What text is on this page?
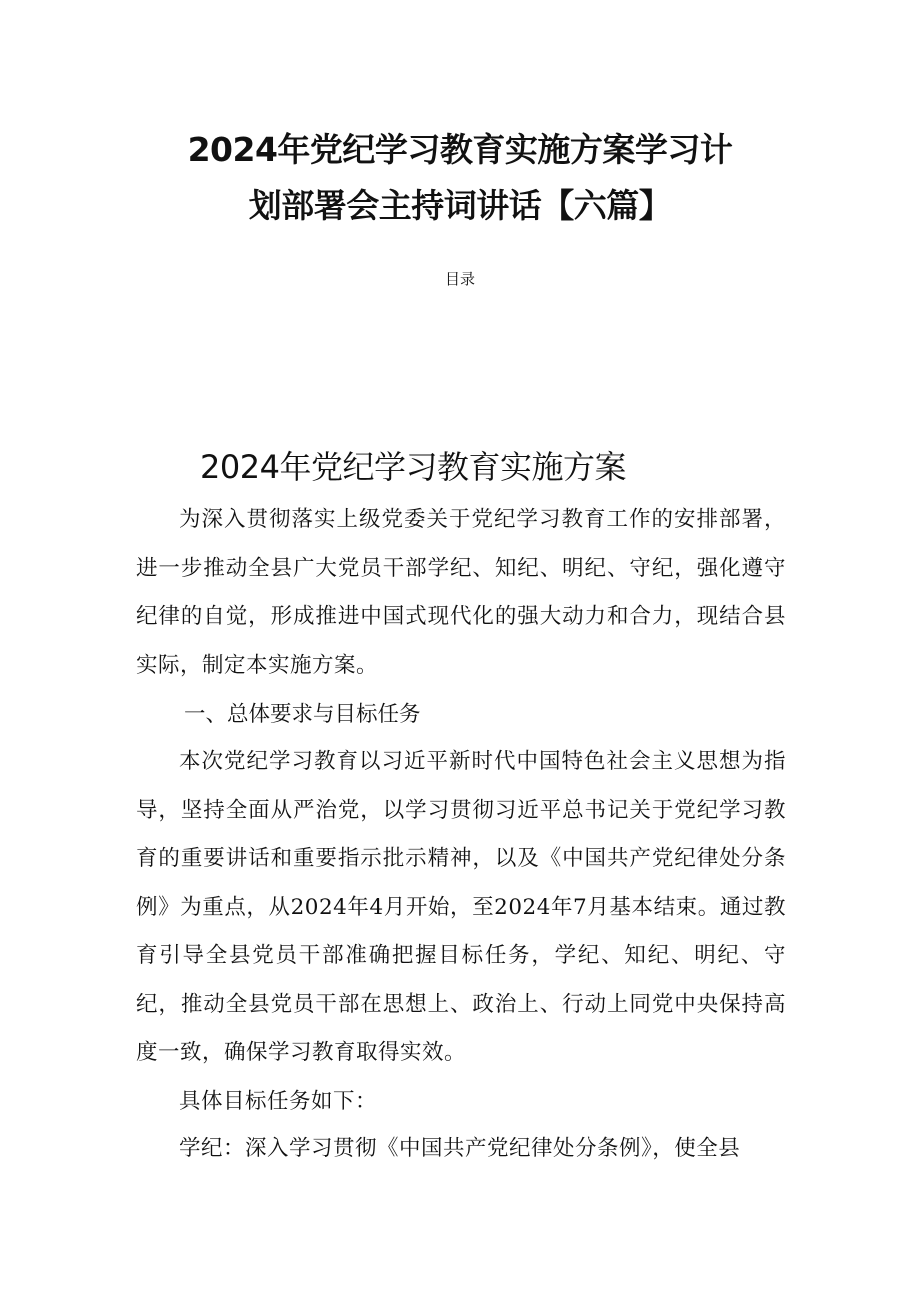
2024年党纪学习教育实施方案学习计
划部署会主持词讲话【六篇】

目录

2024年党纪学习教育实施方案

为深入贯彻落实上级党委关于党纪学习教育工作的安排部署，进一步推动全县广大党员干部学纪、知纪、明纪、守纪，强化遵守纪律的自觉，形成推进中国式现代化的强大动力和合力，现结合县实际，制定本实施方案。

一、总体要求与目标任务

本次党纪学习教育以习近平新时代中国特色社会主义思想为指导，坚持全面从严治党，以学习贯彻习近平总书记关于党纪学习教育的重要讲话和重要指示批示精神，以及《中国共产党纪律处分条例》为重点，从2024年4月开始，至2024年7月基本结束。通过教育引导全县党员干部准确把握目标任务，学纪、知纪、明纪、守纪，推动全县党员干部在思想上、政治上、行动上同党中央保持高度一致，确保学习教育取得实效。

具体目标任务如下：

学纪：深入学习贯彻《中国共产党纪律处分条例》，使全县
